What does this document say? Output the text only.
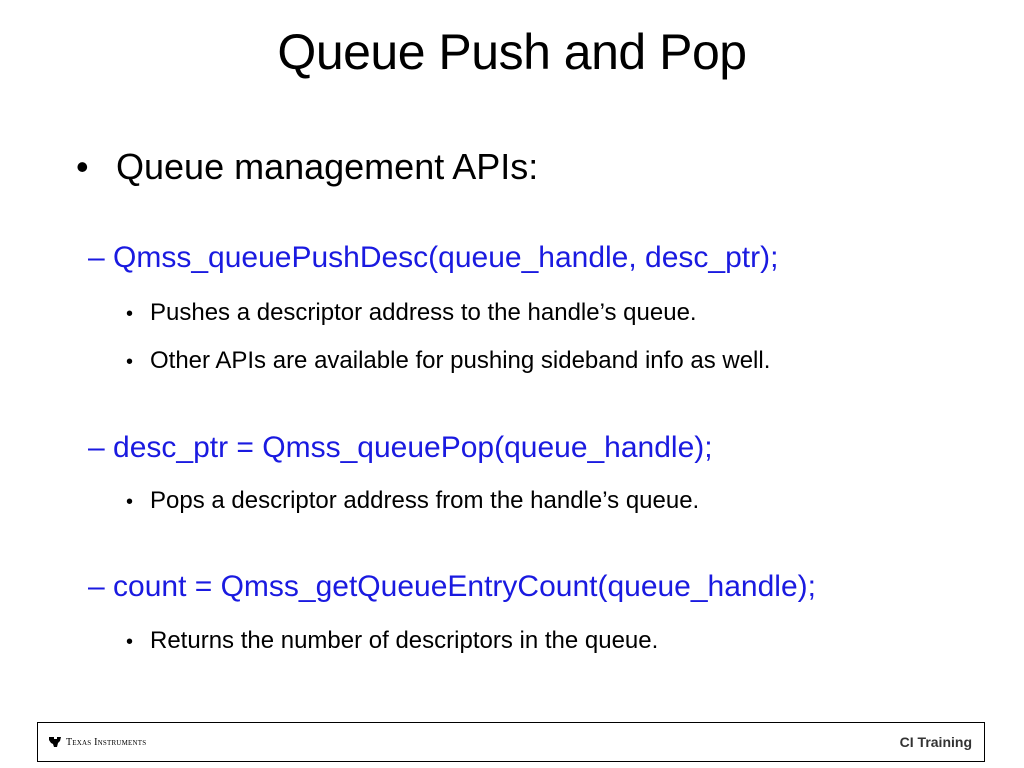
Queue Push and Pop
• Queue management APIs:
– Qmss_queuePushDesc(queue_handle, desc_ptr);
• Pushes a descriptor address to the handle’s queue.
• Other APIs are available for pushing sideband info as well.
– desc_ptr = Qmss_queuePop(queue_handle);
• Pops a descriptor address from the handle’s queue.
– count = Qmss_getQueueEntryCount(queue_handle);
• Returns the number of descriptors in the queue.
Texas Instruments	CI Training
